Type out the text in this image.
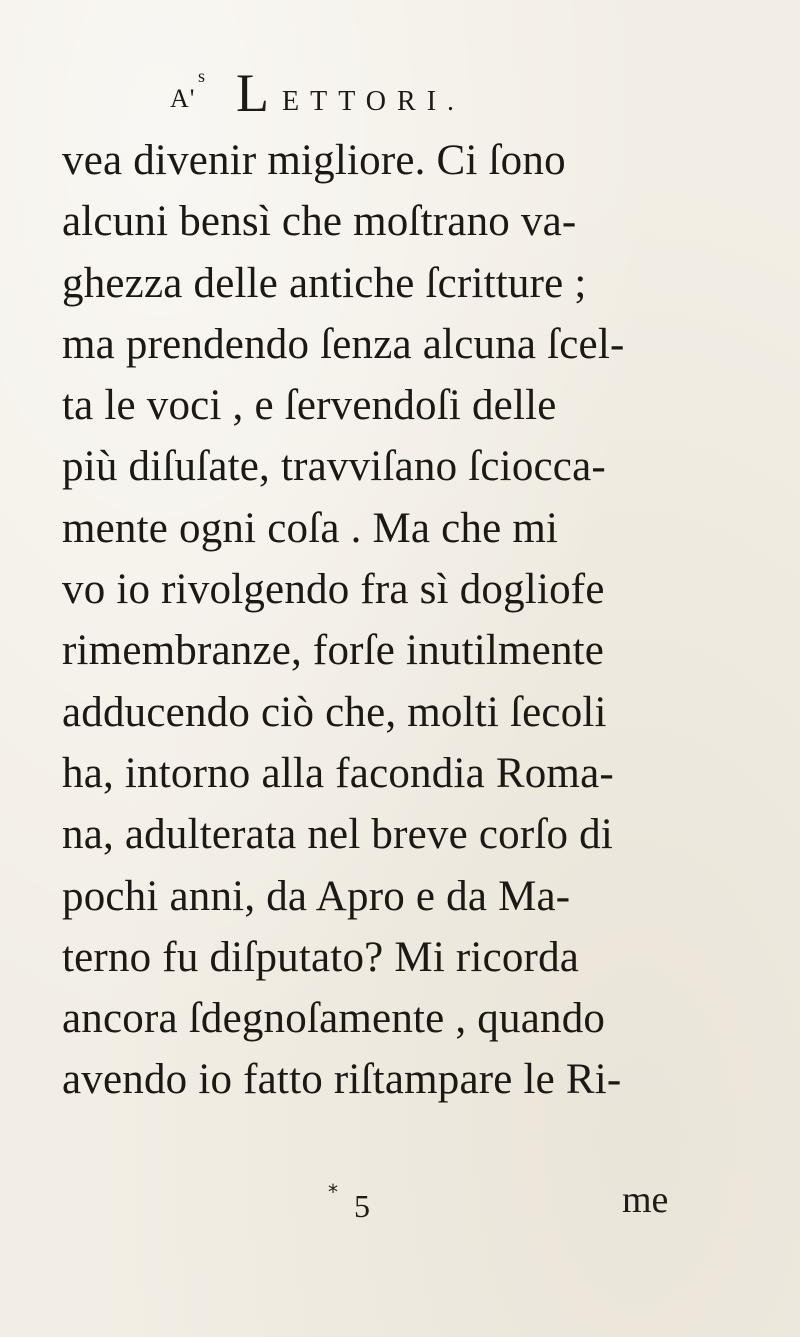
A'
s L ETTORI.
vea divenir migliore. Ci ſono
alcuni bensì che moſtrano va-
ghezza delle antiche ſcritture ;
ma prendendo ſenza alcuna ſcel-
ta le voci , e ſervendoſi delle
più diſuſate, travviſano ſciocca-
mente ogni coſa . Ma che mi
vo io rivolgendo fra sì dogliofe
rimembranze, forſe inutilmente
adducendo ciò che, molti ſecoli
ha, intorno alla facondia Roma-
na, adulterata nel breve corſo di
pochi anni, da Apro e da Ma-
terno fu diſputato? Mi ricorda
ancora ſdegnoſamente , quando
avendo io fatto riſtampare le Ri-
* 5	me
